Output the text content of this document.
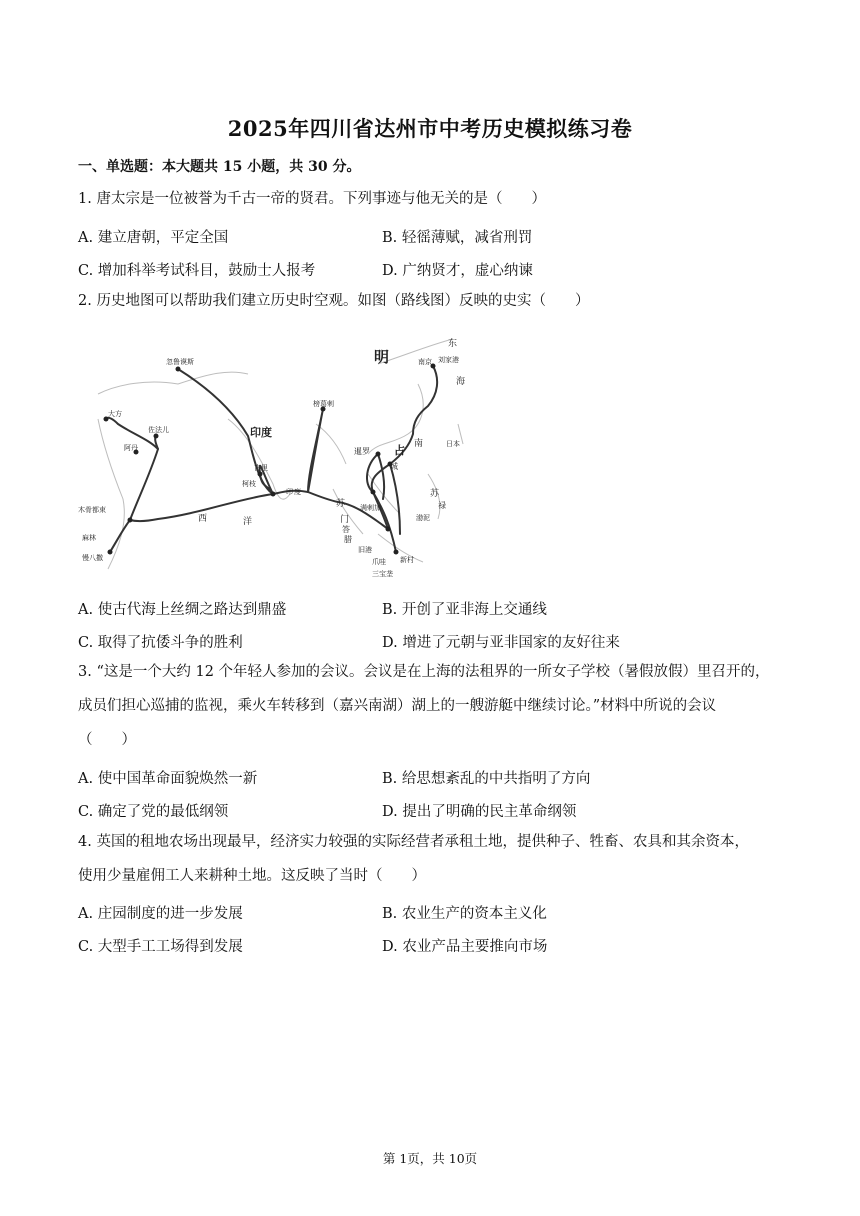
2025年四川省达州市中考历史模拟练习卷
一、单选题：本大题共 15 小题，共 30 分。
1. 唐太宗是一位被誉为千古一帝的贤君。下列事迹与他无关的是（　　）
A. 建立唐朝，平定全国	B. 轻徭薄赋，减省刑罚
C. 增加科举考试科目，鼓励士人报考	D. 广纳贤才，虚心纳谏
2. 历史地图可以帮助我们建立历史时空观。如图（路线图）反映的史实（　　）
明	南京 刘家港
东
海
忽鲁谟斯
大方
佐法儿
阿丹
印度
榜葛剌
古里
柯枝
暹罗 占
城
南	日本
木骨都束
麻林
慢八撒
西	洋
苏
门
答
腊
满剌加
旧港
苏
禄
渤泥
爪哇 新村
三宝垄
印 度
A. 使古代海上丝绸之路达到鼎盛	B. 开创了亚非海上交通线
C. 取得了抗倭斗争的胜利	D. 增进了元朝与亚非国家的友好往来
3. “这是一个大约 12 个年轻人参加的会议。会议是在上海的法租界的一所女子学校（暑假放假）里召开的，
成员们担心巡捕的监视，乘火车转移到（嘉兴南湖）湖上的一艘游艇中继续讨论。”材料中所说的会议
（　　）
A. 使中国革命面貌焕然一新	B. 给思想紊乱的中共指明了方向
C. 确定了党的最低纲领	D. 提出了明确的民主革命纲领
4. 英国的租地农场出现最早，经济实力较强的实际经营者承租土地，提供种子、牲畜、农具和其余资本，
使用少量雇佣工人来耕种土地。这反映了当时（　　）
A. 庄园制度的进一步发展	B. 农业生产的资本主义化
C. 大型手工工场得到发展	D. 农业产品主要推向市场
第 1页，共 10页
